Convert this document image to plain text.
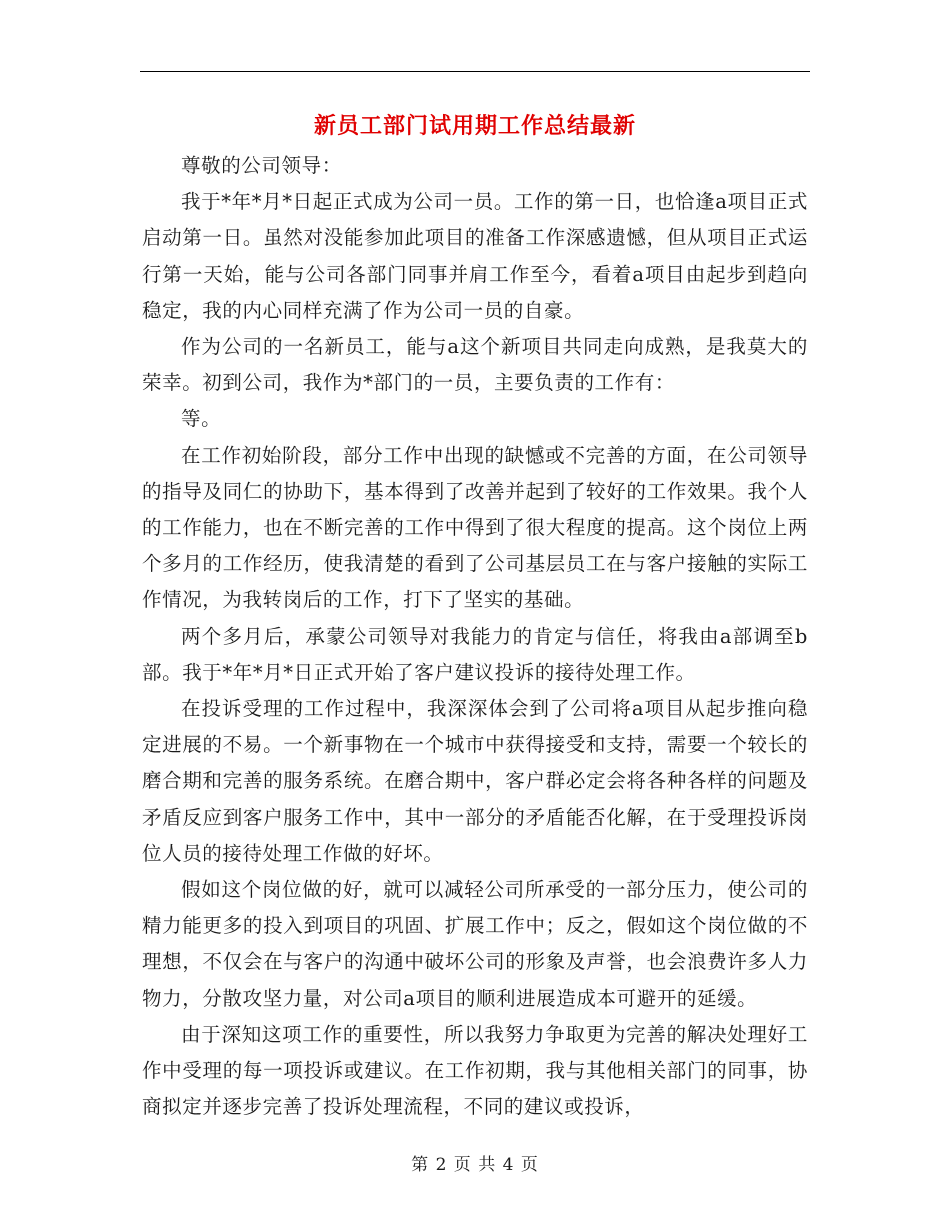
新员工部门试用期工作总结最新

尊敬的公司领导：

我于*年*月*日起正式成为公司一员。工作的第一日，也恰逢a项目正式启动第一日。虽然对没能参加此项目的准备工作深感遗憾，但从项目正式运行第一天始，能与公司各部门同事并肩工作至今，看着a项目由起步到趋向稳定，我的内心同样充满了作为公司一员的自豪。

作为公司的一名新员工，能与a这个新项目共同走向成熟，是我莫大的荣幸。初到公司，我作为*部门的一员，主要负责的工作有：

等。

在工作初始阶段，部分工作中出现的缺憾或不完善的方面，在公司领导的指导及同仁的协助下，基本得到了改善并起到了较好的工作效果。我个人的工作能力，也在不断完善的工作中得到了很大程度的提高。这个岗位上两个多月的工作经历，使我清楚的看到了公司基层员工在与客户接触的实际工作情况，为我转岗后的工作，打下了坚实的基础。

两个多月后，承蒙公司领导对我能力的肯定与信任，将我由a部调至b部。我于*年*月*日正式开始了客户建议投诉的接待处理工作。

在投诉受理的工作过程中，我深深体会到了公司将a项目从起步推向稳定进展的不易。一个新事物在一个城市中获得接受和支持，需要一个较长的磨合期和完善的服务系统。在磨合期中，客户群必定会将各种各样的问题及矛盾反应到客户服务工作中，其中一部分的矛盾能否化解，在于受理投诉岗位人员的接待处理工作做的好坏。

假如这个岗位做的好，就可以减轻公司所承受的一部分压力，使公司的精力能更多的投入到项目的巩固、扩展工作中；反之，假如这个岗位做的不理想，不仅会在与客户的沟通中破坏公司的形象及声誉，也会浪费许多人力物力，分散攻坚力量，对公司a项目的顺利进展造成本可避开的延缓。

由于深知这项工作的重要性，所以我努力争取更为完善的解决处理好工作中受理的每一项投诉或建议。在工作初期，我与其他相关部门的同事，协商拟定并逐步完善了投诉处理流程，不同的建议或投诉，

第 2 页 共 4 页
